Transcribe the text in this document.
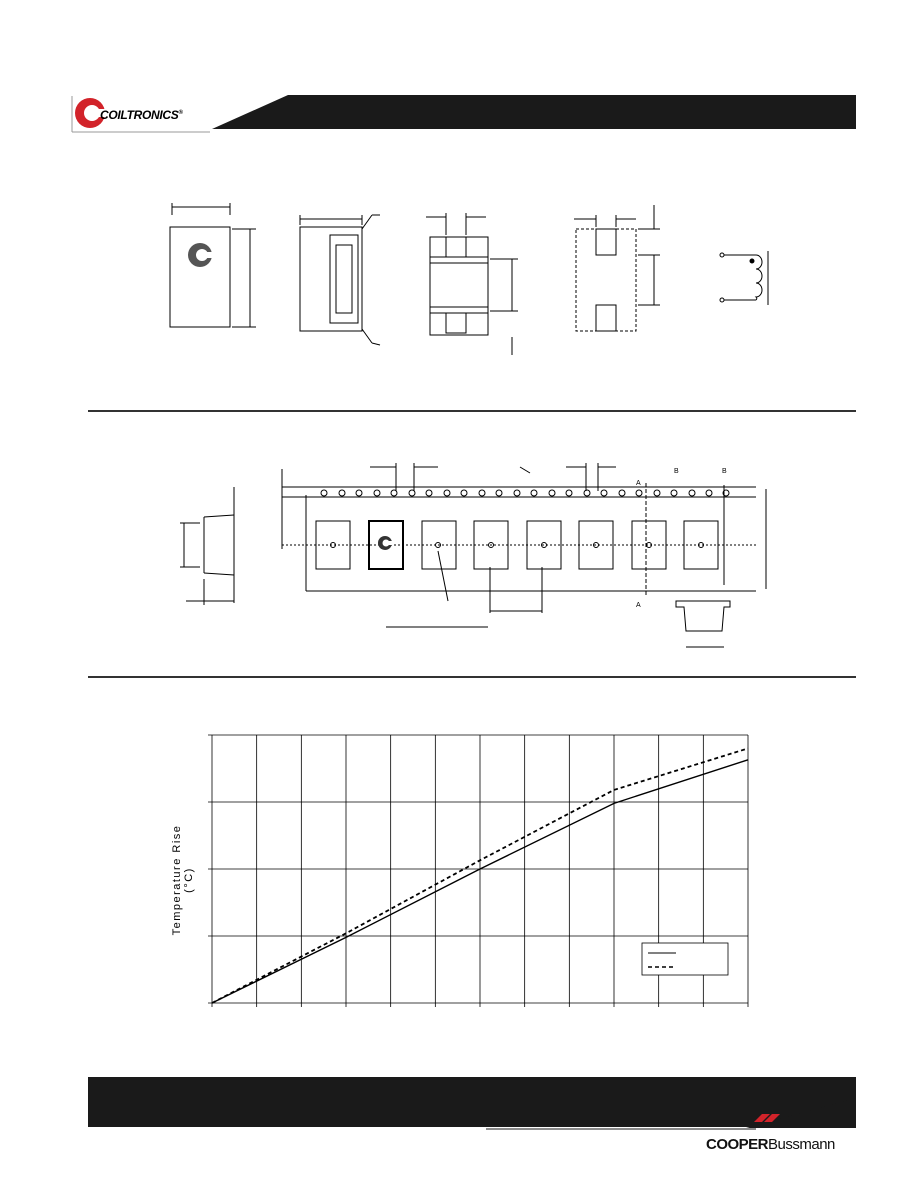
COILTRONICS®
A
A
B	B
Temperature Rise (°C)
COOPERBussmann
